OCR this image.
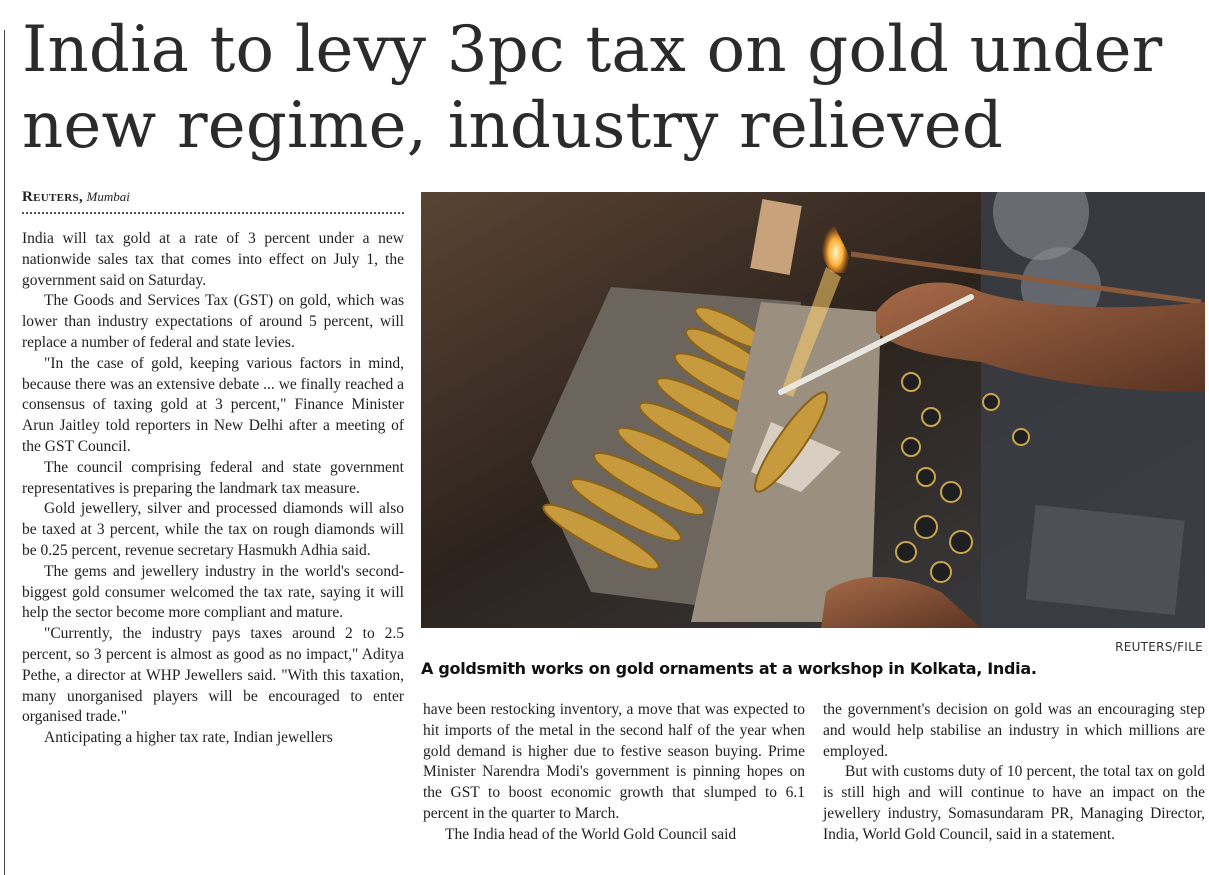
India to levy 3pc tax on gold under new regime, industry relieved
Reuters, Mumbai

India will tax gold at a rate of 3 percent under a new nationwide sales tax that comes into effect on July 1, the government said on Saturday.

The Goods and Services Tax (GST) on gold, which was lower than industry expectations of around 5 percent, will replace a number of federal and state levies.

"In the case of gold, keeping various factors in mind, because there was an extensive debate ... we finally reached a consensus of taxing gold at 3 percent," Finance Minister Arun Jaitley told reporters in New Delhi after a meeting of the GST Council.

The council comprising federal and state government representatives is preparing the landmark tax measure.

Gold jewellery, silver and processed diamonds will also be taxed at 3 percent, while the tax on rough diamonds will be 0.25 percent, revenue secretary Hasmukh Adhia said.

The gems and jewellery industry in the world's second-biggest gold consumer welcomed the tax rate, saying it will help the sector become more compliant and mature.

"Currently, the industry pays taxes around 2 to 2.5 percent, so 3 percent is almost as good as no impact," Aditya Pethe, a director at WHP Jewellers said. "With this taxation, many unorganised players will be encouraged to enter organised trade."

Anticipating a higher tax rate, Indian jewellers

REUTERS/FILE
A goldsmith works on gold ornaments at a workshop in Kolkata, India.

have been restocking inventory, a move that was expected to hit imports of the metal in the second half of the year when gold demand is higher due to festive season buying. Prime Minister Narendra Modi's government is pinning hopes on the GST to boost economic growth that slumped to 6.1 percent in the quarter to March.

The India head of the World Gold Council said

the government's decision on gold was an encouraging step and would help stabilise an industry in which millions are employed.

But with customs duty of 10 percent, the total tax on gold is still high and will continue to have an impact on the jewellery industry, Somasundaram PR, Managing Director, India, World Gold Council, said in a statement.
